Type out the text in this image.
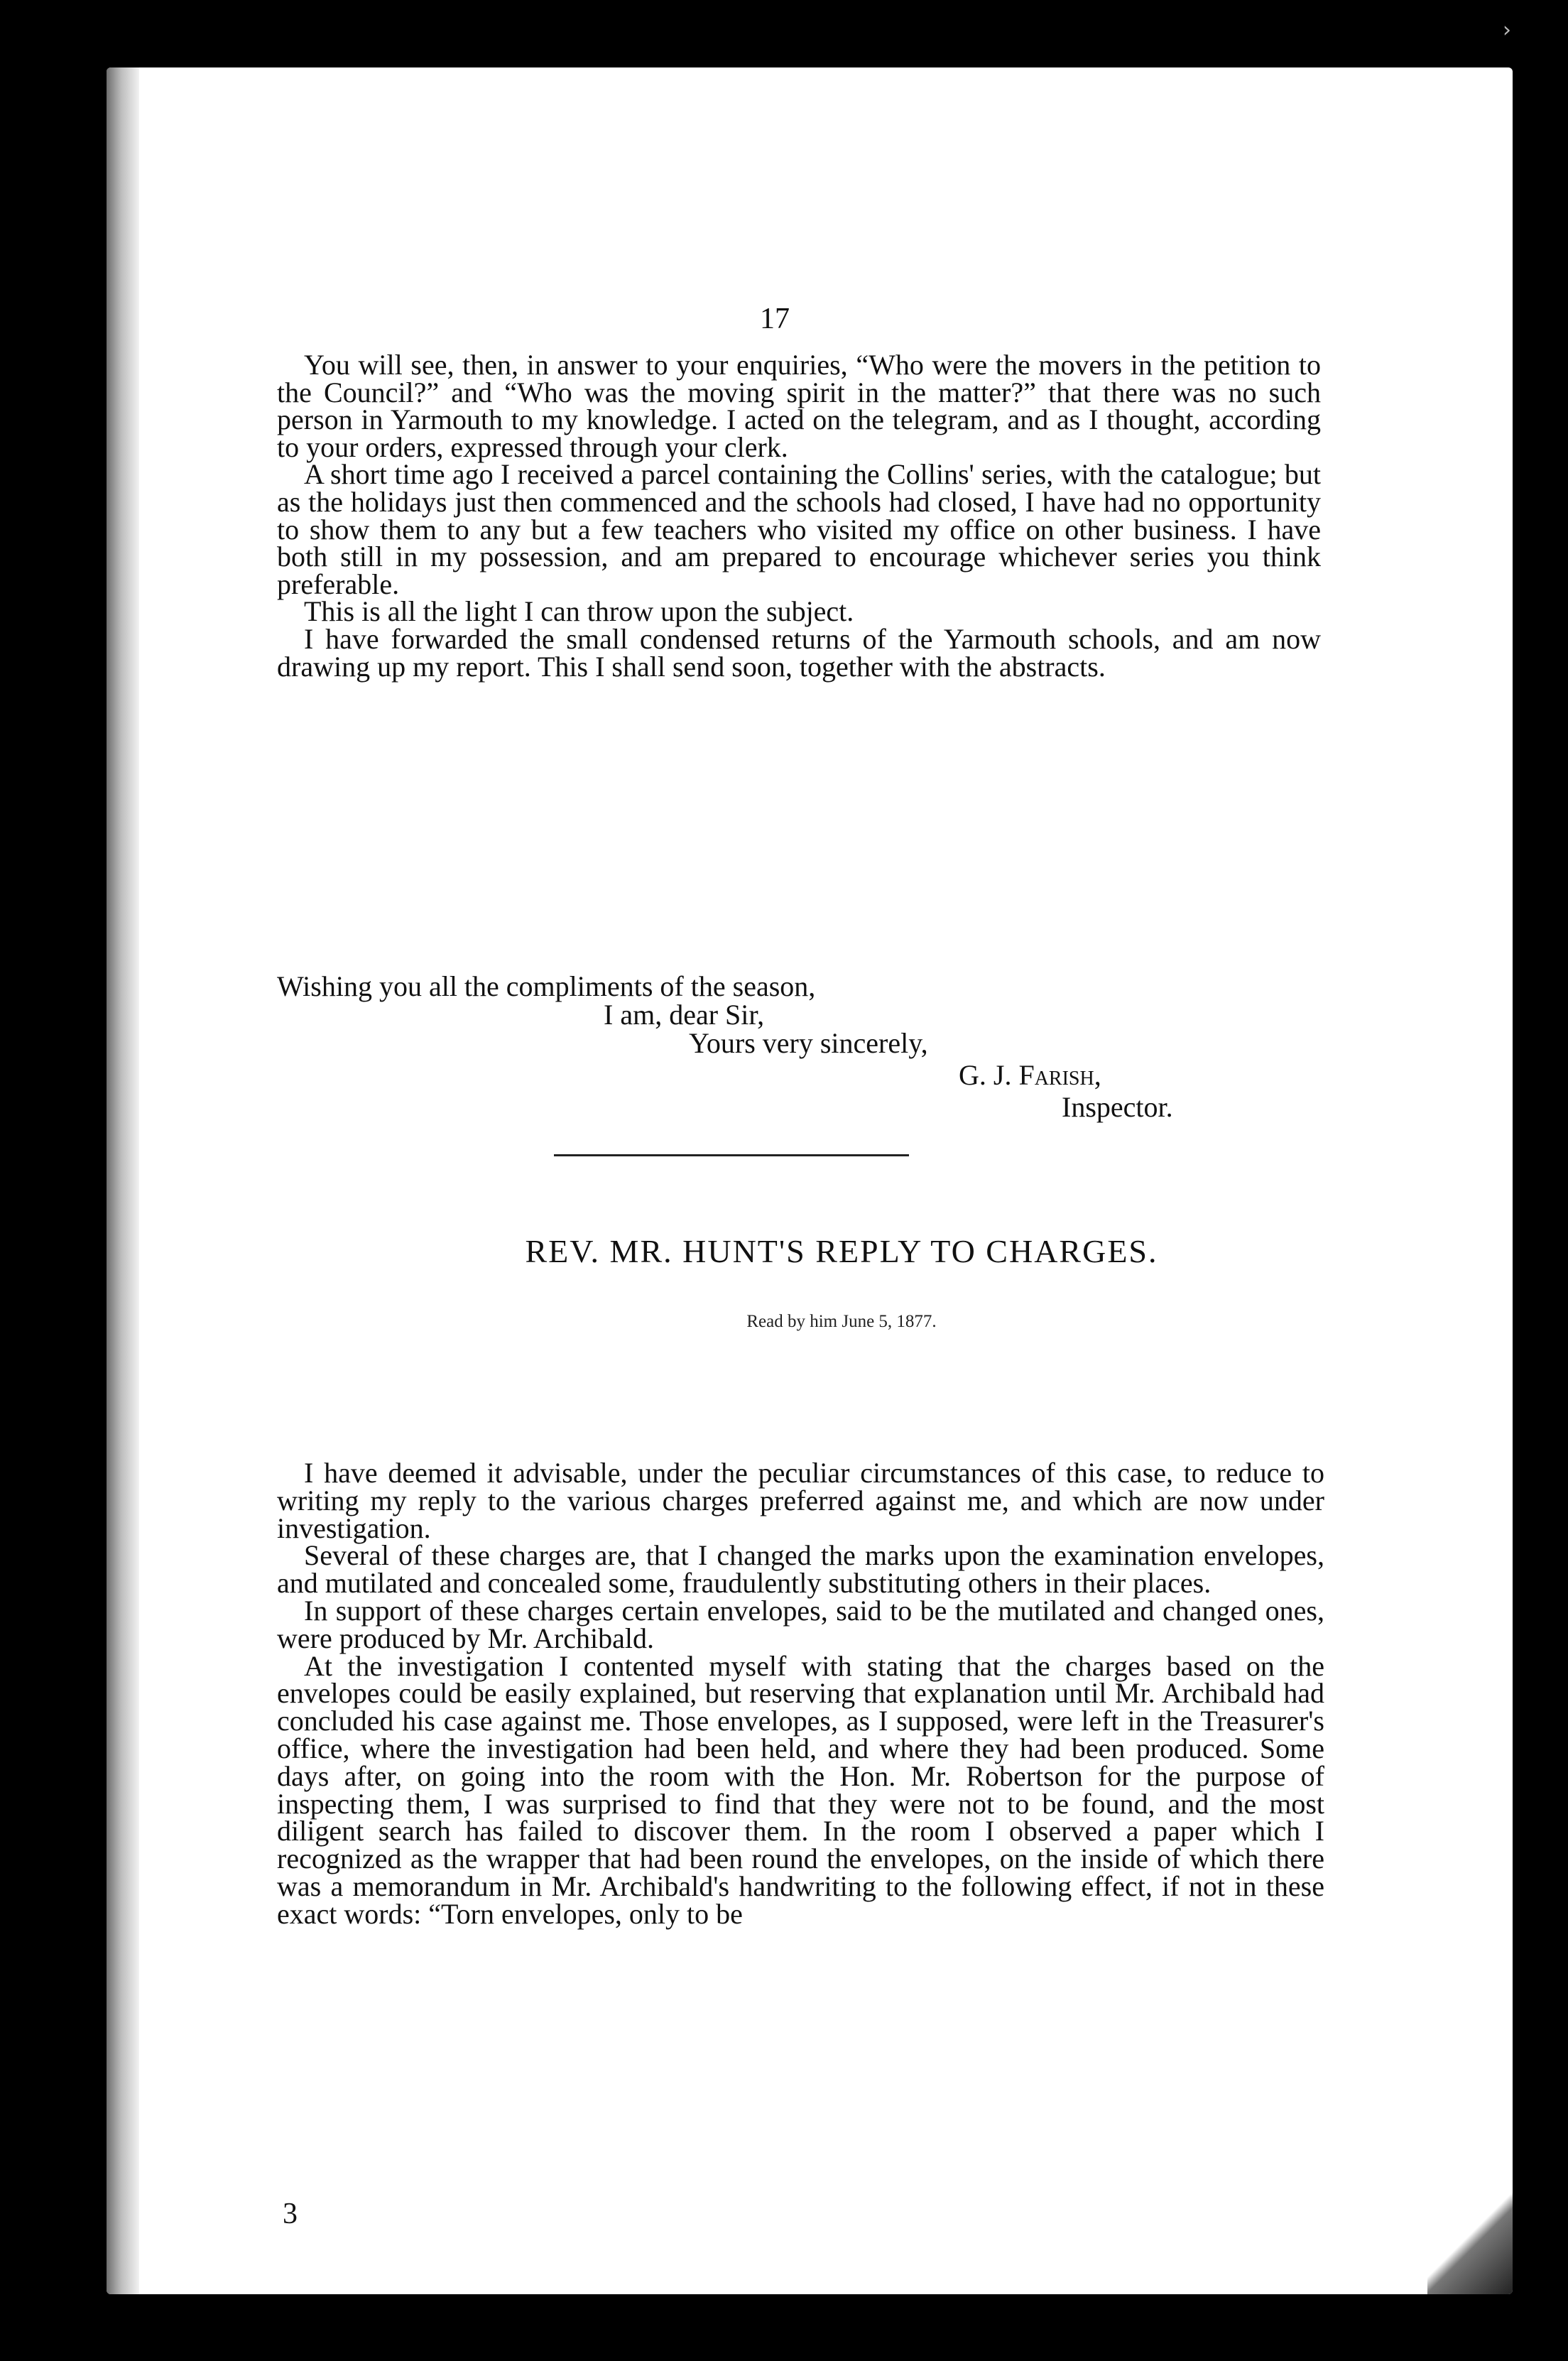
›
17

You will see, then, in answer to your enquiries, “Who were the movers in the petition to the Council?” and “Who was the moving spirit in the matter?” that there was no such person in Yarmouth to my knowledge. I acted on the telegram, and as I thought, according to your orders, expressed through your clerk.

A short time ago I received a parcel containing the Collins' series, with the catalogue; but as the holidays just then commenced and the schools had closed, I have had no opportunity to show them to any but a few teachers who visited my office on other business. I have both still in my possession, and am prepared to encourage whichever series you think preferable.

This is all the light I can throw upon the subject.

I have forwarded the small condensed returns of the Yarmouth schools, and am now drawing up my report. This I shall send soon, together with the abstracts.

Wishing you all the compliments of the season,
I am, dear Sir,
Yours very sincerely,
G. J. Farish,
Inspector.
REV. MR. HUNT'S REPLY TO CHARGES.
Read by him June 5, 1877.

I have deemed it advisable, under the peculiar circumstances of this case, to reduce to writing my reply to the various charges preferred against me, and which are now under investigation.

Several of these charges are, that I changed the marks upon the examination envelopes, and mutilated and concealed some, fraudulently substituting others in their places.

In support of these charges certain envelopes, said to be the mutilated and changed ones, were produced by Mr. Archibald.

At the investigation I contented myself with stating that the charges based on the envelopes could be easily explained, but reserving that explanation until Mr. Archibald had concluded his case against me. Those envelopes, as I supposed, were left in the Treasurer's office, where the investigation had been held, and where they had been produced. Some days after, on going into the room with the Hon. Mr. Robertson for the purpose of inspecting them, I was surprised to find that they were not to be found, and the most diligent search has failed to discover them. In the room I observed a paper which I recognized as the wrapper that had been round the envelopes, on the inside of which there was a memorandum in Mr. Archibald's handwriting to the following effect, if not in these exact words: “Torn envelopes, only to be

3
